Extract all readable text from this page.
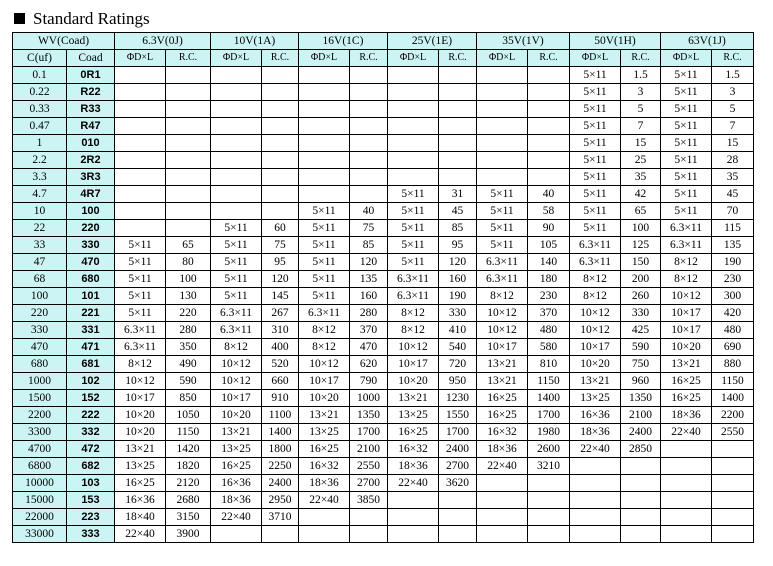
Standard Ratings
WV(Coad)		6.3V(0J)		10V(1A)		16V(1C)		25V(1E)		35V(1V)		50V(1H)		63V(1J)	
C(uf)	Coad	ΦD×L	R.C.	ΦD×L	R.C.	ΦD×L	R.C.	ΦD×L	R.C.	ΦD×L	R.C.	ΦD×L	R.C.	ΦD×L	R.C.
0.1	0R1											5×11	1.5	5×11	1.5
0.22	R22											5×11	3	5×11	3
0.33	R33											5×11	5	5×11	5
0.47	R47											5×11	7	5×11	7
1	010											5×11	15	5×11	15
2.2	2R2											5×11	25	5×11	28
3.3	3R3											5×11	35	5×11	35
4.7	4R7							5×11	31	5×11	40	5×11	42	5×11	45
10	100					5×11	40	5×11	45	5×11	58	5×11	65	5×11	70
22	220			5×11	60	5×11	75	5×11	85	5×11	90	5×11	100	6.3×11	115
33	330	5×11	65	5×11	75	5×11	85	5×11	95	5×11	105	6.3×11	125	6.3×11	135
47	470	5×11	80	5×11	95	5×11	120	5×11	120	6.3×11	140	6.3×11	150	8×12	190
68	680	5×11	100	5×11	120	5×11	135	6.3×11	160	6.3×11	180	8×12	200	8×12	230
100	101	5×11	130	5×11	145	5×11	160	6.3×11	190	8×12	230	8×12	260	10×12	300
220	221	5×11	220	6.3×11	267	6.3×11	280	8×12	330	10×12	370	10×12	330	10×17	420
330	331	6.3×11	280	6.3×11	310	8×12	370	8×12	410	10×12	480	10×12	425	10×17	480
470	471	6.3×11	350	8×12	400	8×12	470	10×12	540	10×17	580	10×17	590	10×20	690
680	681	8×12	490	10×12	520	10×12	620	10×17	720	13×21	810	10×20	750	13×21	880
1000	102	10×12	590	10×12	660	10×17	790	10×20	950	13×21	1150	13×21	960	16×25	1150
1500	152	10×17	850	10×17	910	10×20	1000	13×21	1230	16×25	1400	13×25	1350	16×25	1400
2200	222	10×20	1050	10×20	1100	13×21	1350	13×25	1550	16×25	1700	16×36	2100	18×36	2200
3300	332	10×20	1150	13×21	1400	13×25	1700	16×25	1700	16×32	1980	18×36	2400	22×40	2550
4700	472	13×21	1420	13×25	1800	16×25	2100	16×32	2400	18×36	2600	22×40	2850		
6800	682	13×25	1820	16×25	2250	16×32	2550	18×36	2700	22×40	3210				
10000	103	16×25	2120	16×36	2400	18×36	2700	22×40	3620						
15000	153	16×36	2680	18×36	2950	22×40	3850								
22000	223	18×40	3150	22×40	3710										
33000	333	22×40	3900												
